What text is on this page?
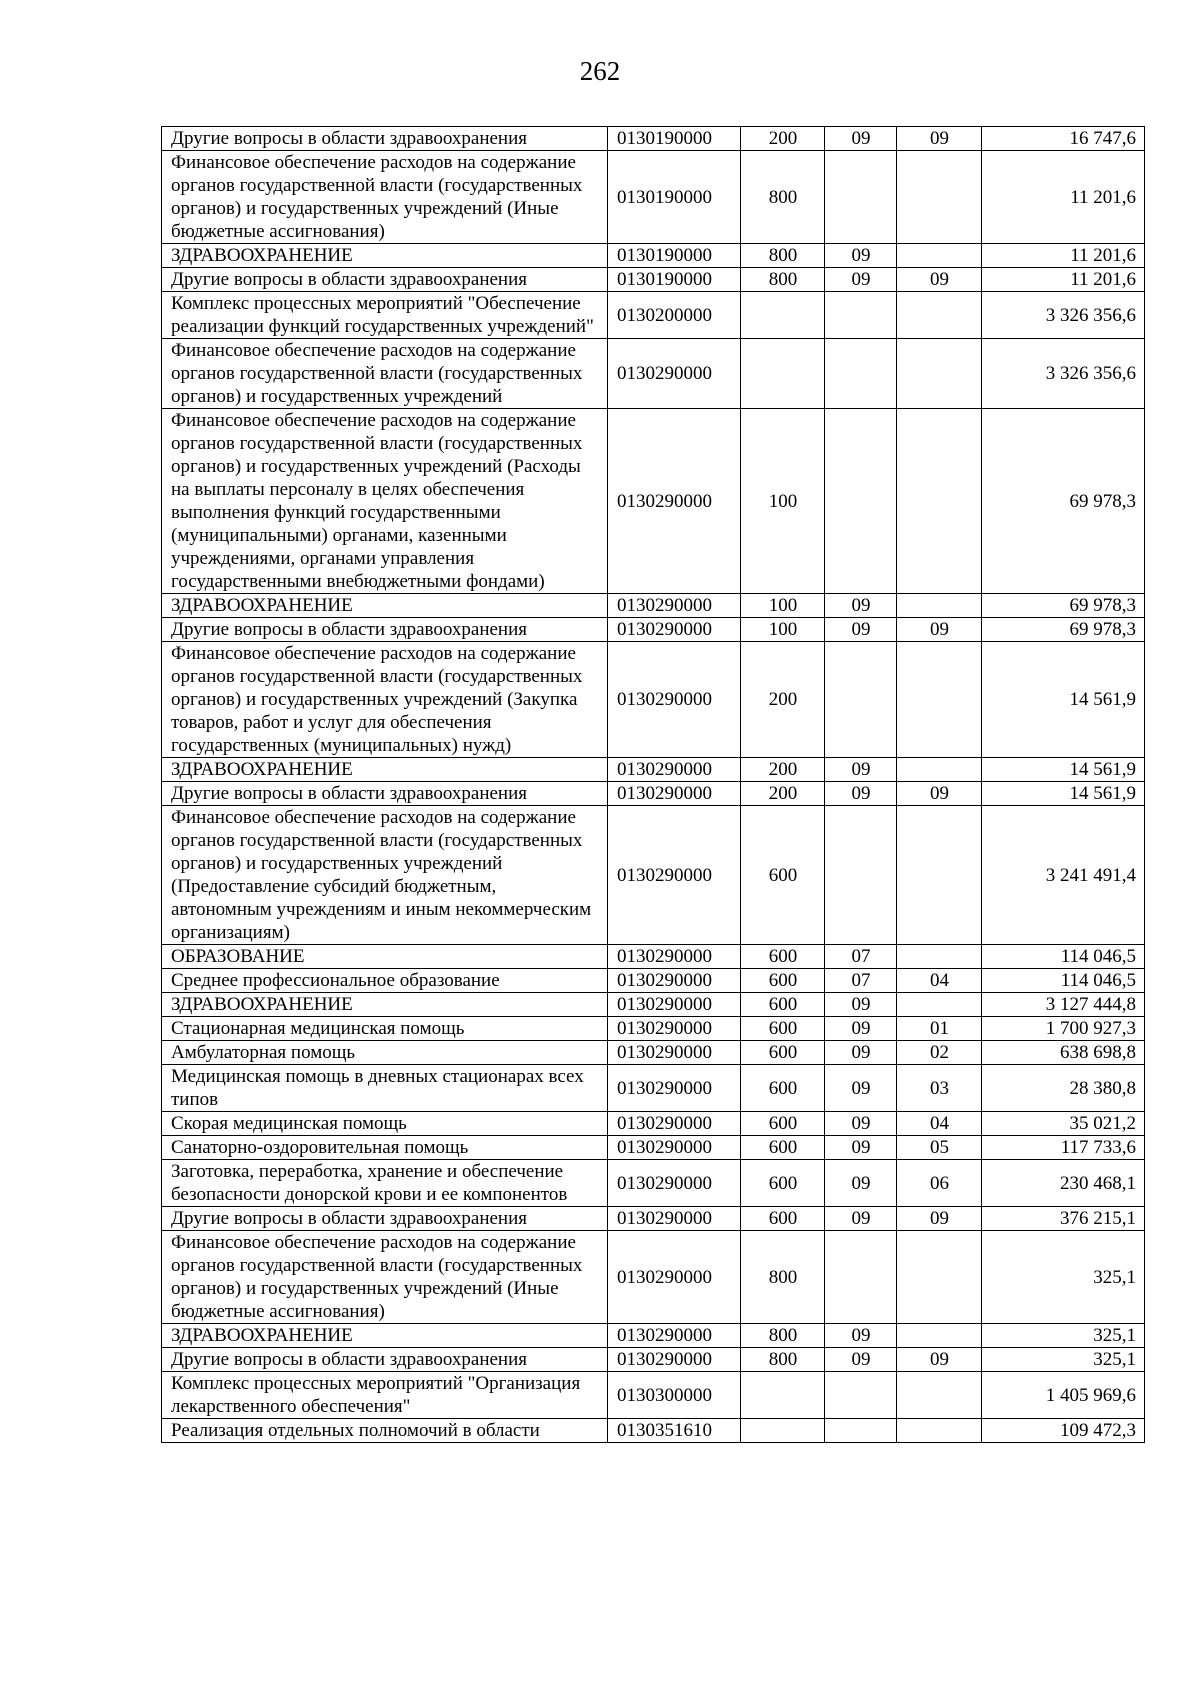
262
Другие вопросы в области здравоохранения	0130190000	200	09	09	16 747,6
Финансовое обеспечение расходов на содержание органов государственной власти (государственных органов) и государственных учреждений (Иные бюджетные ассигнования)	0130190000	800			11 201,6
ЗДРАВООХРАНЕНИЕ	0130190000	800	09		11 201,6
Другие вопросы в области здравоохранения	0130190000	800	09	09	11 201,6
Комплекс процессных мероприятий "Обеспечение реализации функций государственных учреждений"	0130200000				3 326 356,6
Финансовое обеспечение расходов на содержание органов государственной власти (государственных органов) и государственных учреждений	0130290000				3 326 356,6
Финансовое обеспечение расходов на содержание органов государственной власти (государственных органов) и государственных учреждений (Расходы на выплаты персоналу в целях обеспечения выполнения функций государственными (муниципальными) органами, казенными учреждениями, органами управления государственными внебюджетными фондами)	0130290000	100			69 978,3
ЗДРАВООХРАНЕНИЕ	0130290000	100	09		69 978,3
Другие вопросы в области здравоохранения	0130290000	100	09	09	69 978,3
Финансовое обеспечение расходов на содержание органов государственной власти (государственных органов) и государственных учреждений (Закупка товаров, работ и услуг для обеспечения государственных (муниципальных) нужд)	0130290000	200			14 561,9
ЗДРАВООХРАНЕНИЕ	0130290000	200	09		14 561,9
Другие вопросы в области здравоохранения	0130290000	200	09	09	14 561,9
Финансовое обеспечение расходов на содержание органов государственной власти (государственных органов) и государственных учреждений (Предоставление субсидий бюджетным, автономным учреждениям и иным некоммерческим организациям)	0130290000	600			3 241 491,4
ОБРАЗОВАНИЕ	0130290000	600	07		114 046,5
Среднее профессиональное образование	0130290000	600	07	04	114 046,5
ЗДРАВООХРАНЕНИЕ	0130290000	600	09		3 127 444,8
Стационарная медицинская помощь	0130290000	600	09	01	1 700 927,3
Амбулаторная помощь	0130290000	600	09	02	638 698,8
Медицинская помощь в дневных стационарах всех типов	0130290000	600	09	03	28 380,8
Скорая медицинская помощь	0130290000	600	09	04	35 021,2
Санаторно-оздоровительная помощь	0130290000	600	09	05	117 733,6
Заготовка, переработка, хранение и обеспечение безопасности донорской крови и ее компонентов	0130290000	600	09	06	230 468,1
Другие вопросы в области здравоохранения	0130290000	600	09	09	376 215,1
Финансовое обеспечение расходов на содержание органов государственной власти (государственных органов) и государственных учреждений (Иные бюджетные ассигнования)	0130290000	800			325,1
ЗДРАВООХРАНЕНИЕ	0130290000	800	09		325,1
Другие вопросы в области здравоохранения	0130290000	800	09	09	325,1
Комплекс процессных мероприятий "Организация лекарственного обеспечения"	0130300000				1 405 969,6
Реализация отдельных полномочий в области	0130351610				109 472,3
